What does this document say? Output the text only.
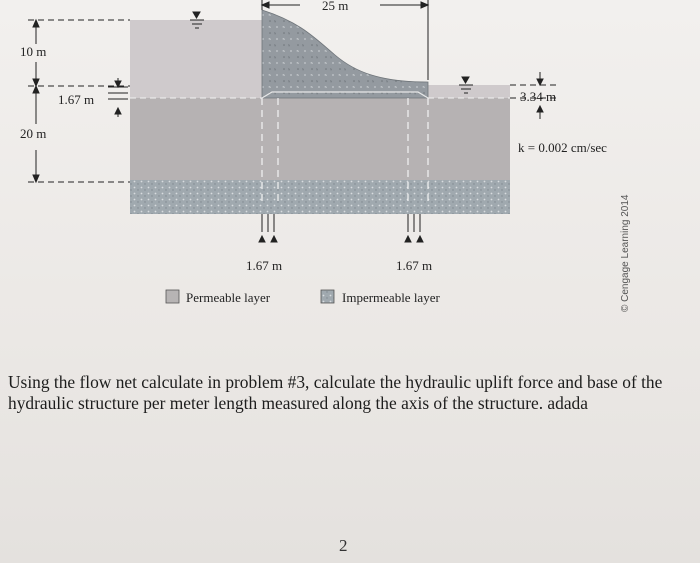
25 m
10 m
1.67 m
20 m
3.34 m
k = 0.002 cm/sec
1.67 m	1.67 m
Permeable layer	Impermeable layer	© Cengage Learning 2014

Using the flow net calculate in problem #3, calculate the hydraulic uplift force and base of the hydraulic structure per meter length measured along the axis of the structure. adada

2
